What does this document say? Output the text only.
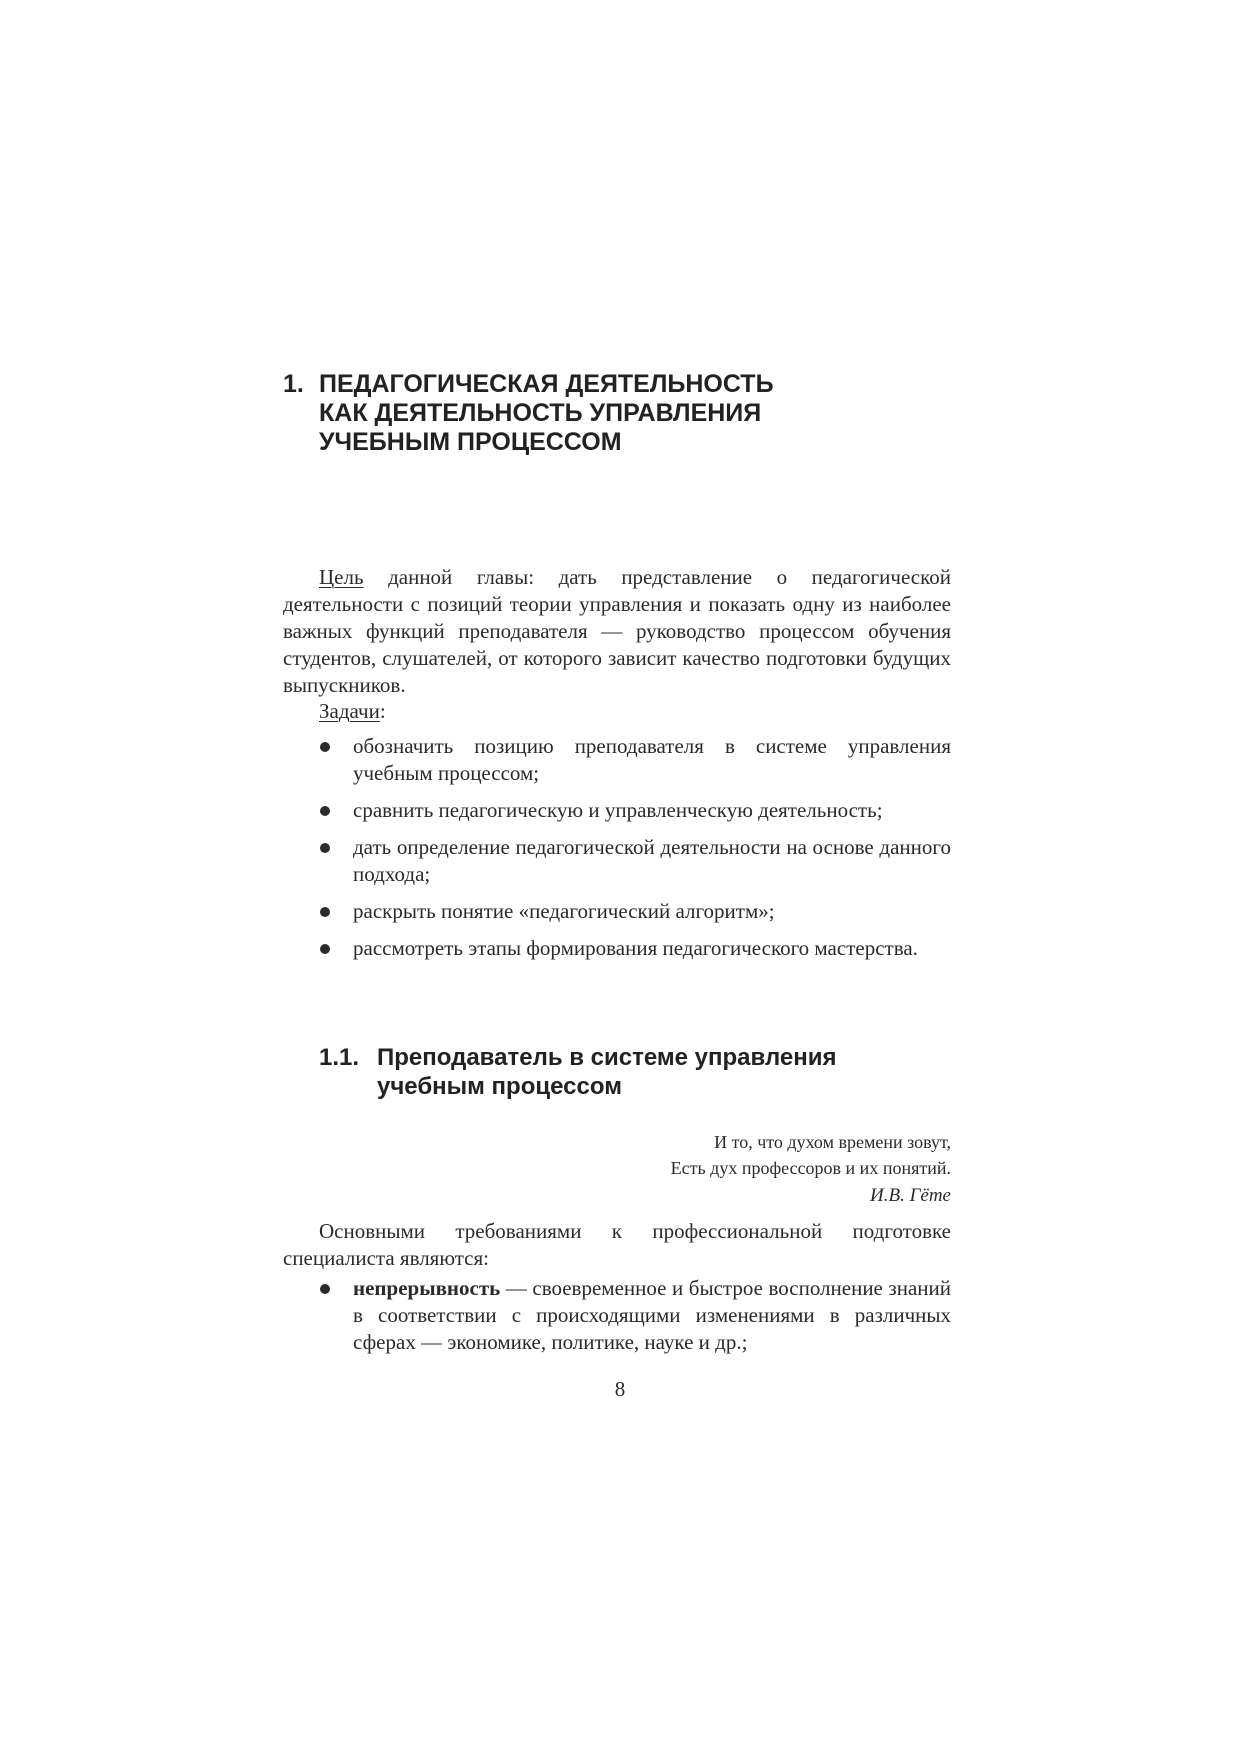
1. ПЕДАГОГИЧЕСКАЯ ДЕЯТЕЛЬНОСТЬ
КАК ДЕЯТЕЛЬНОСТЬ УПРАВЛЕНИЯ
УЧЕБНЫМ ПРОЦЕССОМ
Цель данной главы: дать представление о педагогической деятельности с позиций теории управления и показать одну из наиболее важных функций преподавателя — руководство процессом обучения студентов, слушателей, от которого зависит качество подготовки будущих выпускников.
Задачи:
обозначить позицию преподавателя в системе управления учебным процессом;
сравнить педагогическую и управленческую деятельность;
дать определение педагогической деятельности на основе данного подхода;
раскрыть понятие «педагогический алгоритм»;
рассмотреть этапы формирования педагогического мастерства.
1.1. Преподаватель в системе управления
учебным процессом
И то, что духом времени зовут,
Есть дух профессоров и их понятий.
И.В. Гёте
Основными требованиями к профессиональной подготовке специалиста являются:
непрерывность — своевременное и быстрое восполнение знаний в соответствии с происходящими изменениями в различных сферах — экономике, политике, науке и др.;
8
